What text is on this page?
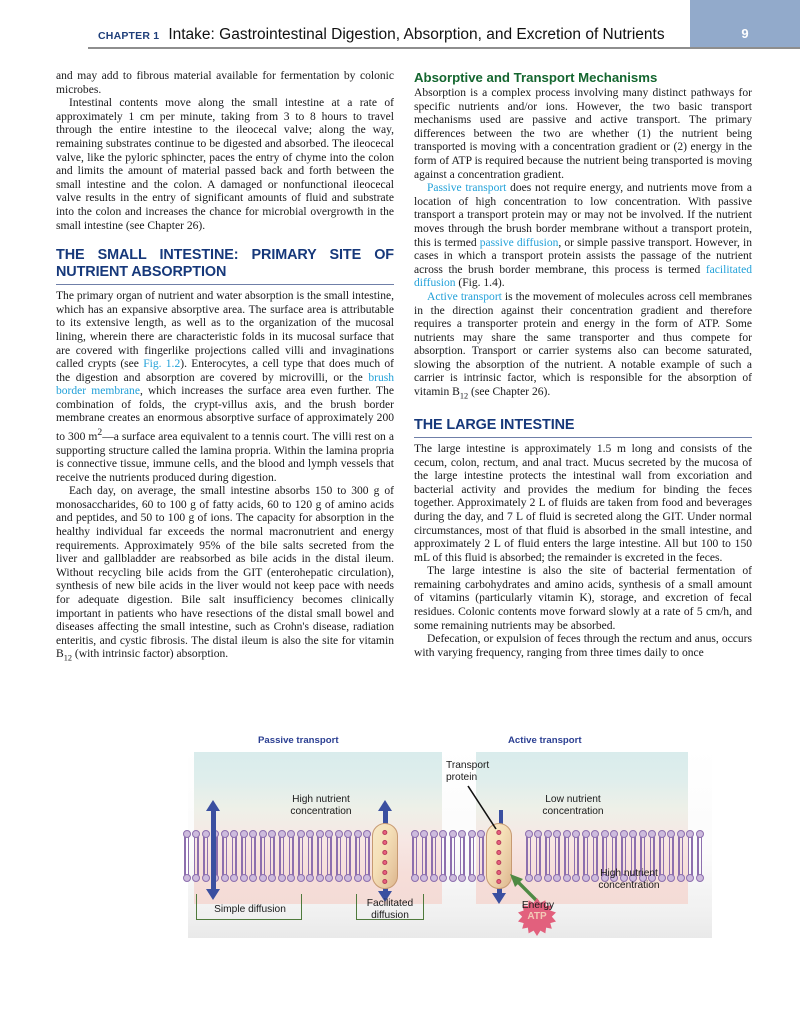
CHAPTER 1 Intake: Gastrointestinal Digestion, Absorption, and Excretion of Nutrients	9

and may add to fibrous material available for fermentation by colonic microbes.

Intestinal contents move along the small intestine at a rate of approximately 1 cm per minute, taking from 3 to 8 hours to travel through the entire intestine to the ileocecal valve; along the way, remaining substrates continue to be digested and absorbed. The ileocecal valve, like the pyloric sphincter, paces the entry of chyme into the colon and limits the amount of material passed back and forth between the small intestine and the colon. A damaged or nonfunctional ileocecal valve results in the entry of significant amounts of fluid and substrate into the colon and increases the chance for microbial overgrowth in the small intestine (see Chapter 26).

THE SMALL INTESTINE: PRIMARY SITE OF NUTRIENT ABSORPTION

The primary organ of nutrient and water absorption is the small intestine, which has an expansive absorptive area. The surface area is attributable to its extensive length, as well as to the organization of the mucosal lining, wherein there are characteristic folds in its mucosal surface that are covered with fingerlike projections called villi and invaginations called crypts (see Fig. 1.2). Enterocytes, a cell type that does much of the digestion and absorption are covered by microvilli, or the brush border membrane, which increases the surface area even further. The combination of folds, the crypt-villus axis, and the brush border membrane creates an enormous absorptive surface of approximately 200 to 300 $m^2—a$ surface area equivalent to a tennis court. The villi rest on a supporting structure called the lamina propria. Within the lamina propria is connective tissue, immune cells, and the blood and lymph vessels that receive the nutrients produced during digestion.

Each day, on average, the small intestine absorbs 150 to 300 g of monosaccharides, 60 to 100 g of fatty acids, 60 to 120 g of amino acids and peptides, and 50 to 100 g of ions. The capacity for absorption in the healthy individual far exceeds the normal macronutrient and energy requirements. Approximately 95% of the bile salts secreted from the liver and gallbladder are reabsorbed as bile acids in the distal ileum. Without recycling bile acids from the GIT (enterohepatic circulation), synthesis of new bile acids in the liver would not keep pace with needs for adequate digestion. Bile salt insufficiency becomes clinically important in patients who have resections of the distal small bowel and diseases affecting the small intestine, such as Crohn's disease, radiation enteritis, and cystic fibrosis. The distal ileum is also the site for vitamin $B_{12}$ (with intrinsic factor) absorption.

Absorptive and Transport Mechanisms

Absorption is a complex process involving many distinct pathways for specific nutrients and/or ions. However, the two basic transport mechanisms used are passive and active transport. The primary differences between the two are whether (1) the nutrient being transported is moving with a concentration gradient or (2) energy in the form of ATP is required because the nutrient being transported is moving against a concentration gradient.

Passive transport does not require energy, and nutrients move from a location of high concentration to low concentration. With passive transport a transport protein may or may not be involved. If the nutrient moves through the brush border membrane without a transport protein, this is termed passive diffusion, or simple passive transport. However, in cases in which a transport protein assists the passage of the nutrient across the brush border membrane, this process is termed facilitated diffusion (Fig. 1.4).

Active transport is the movement of molecules across cell membranes in the direction against their concentration gradient and therefore requires a transporter protein and energy in the form of ATP. Some nutrients may share the same transporter and thus compete for absorption. Transport or carrier systems also can become saturated, slowing the absorption of the nutrient. A notable example of such a carrier is intrinsic factor, which is responsible for the absorption of vitamin $B_{12}$ (see Chapter 26).

THE LARGE INTESTINE

The large intestine is approximately 1.5 m long and consists of the cecum, colon, rectum, and anal tract. Mucus secreted by the mucosa of the large intestine protects the intestinal wall from excoriation and bacterial activity and provides the medium for binding the feces together. Approximately 2 L of fluids are taken from food and beverages during the day, and 7 L of fluid is secreted along the GIT. Under normal circumstances, most of that fluid is absorbed in the small intestine, and approximately 2 L of fluid enters the large intestine. All but 100 to 150 mL of this fluid is absorbed; the remainder is excreted in the feces.

The large intestine is also the site of bacterial fermentation of remaining carbohydrates and amino acids, synthesis of a small amount of vitamins (particularly vitamin K), storage, and excretion of fecal residues. Colonic contents move forward slowly at a rate of 5 cm/h, and some remaining nutrients may be absorbed.

Defecation, or expulsion of feces through the rectum and anus, occurs with varying frequency, ranging from three times daily to once

Passive transport	Active transport
ATP
High nutrient
concentration
Low nutrient
concentration
High nutrient
concentration
Transport
protein
Simple diffusion
Facilitated
diffusion
Energy
